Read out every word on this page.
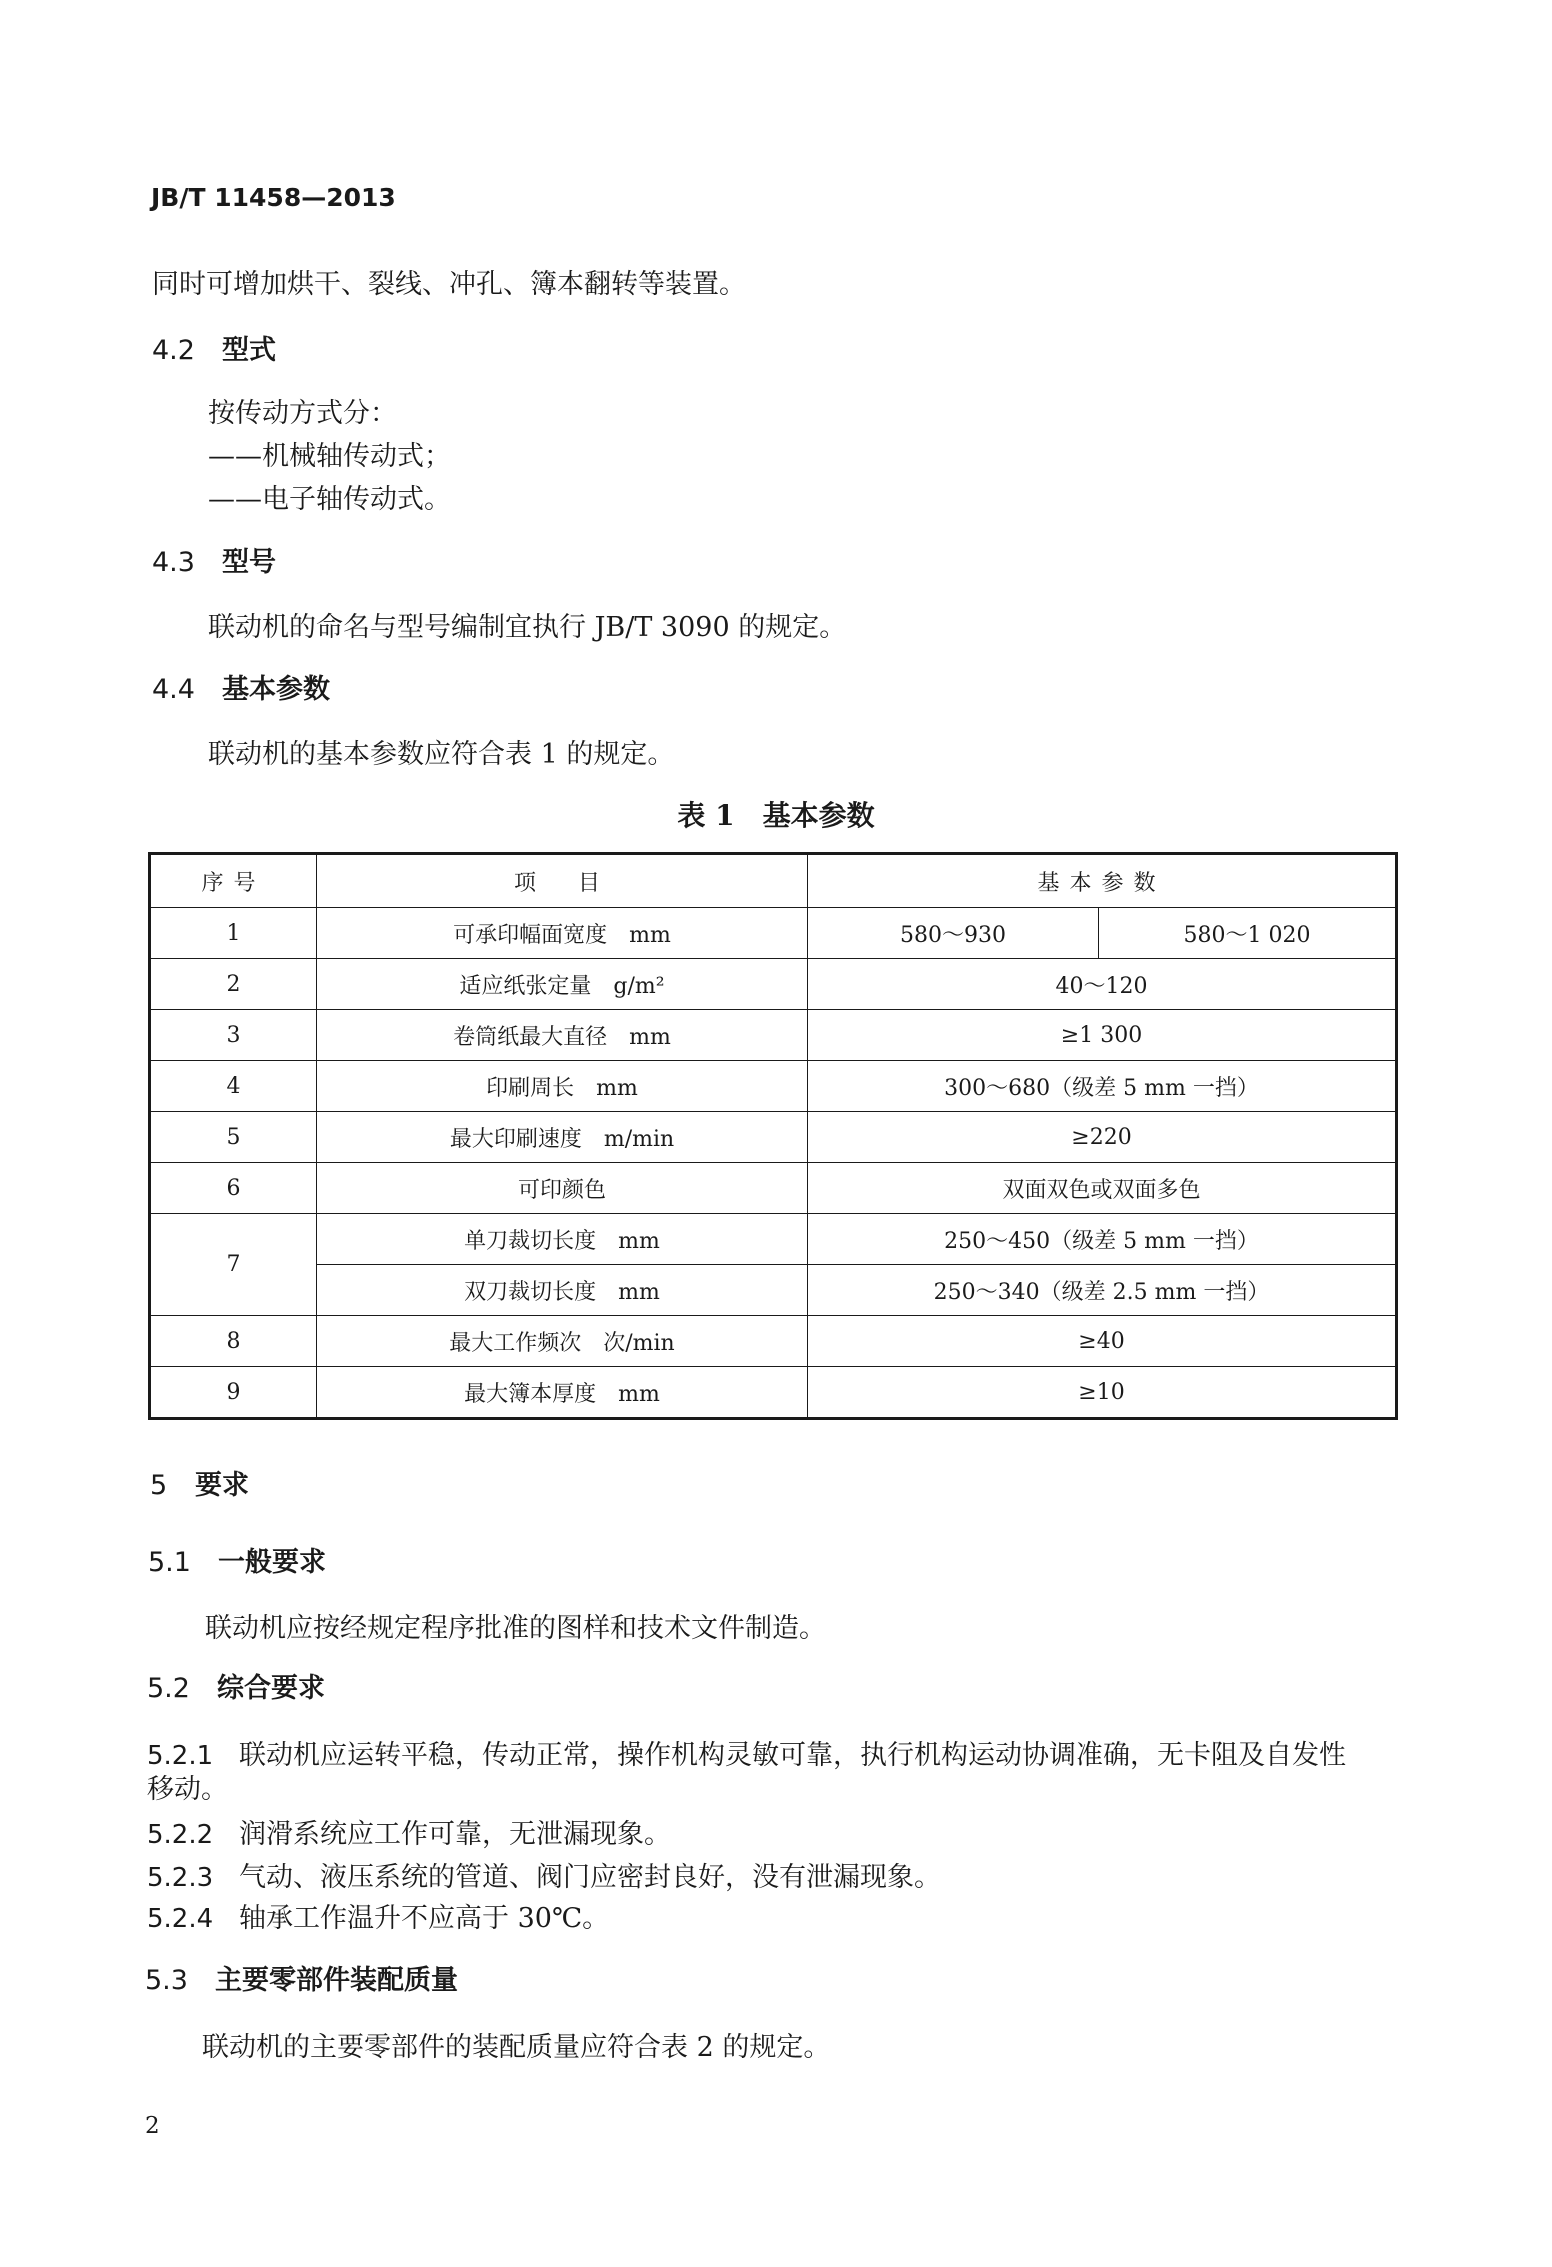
JB/T 11458—2013
同时可增加烘干、裂线、冲孔、簿本翻转等装置。
4.2 型式
按传动方式分：
——机械轴传动式；
——电子轴传动式。
4.3 型号
联动机的命名与型号编制宜执行 JB/T 3090 的规定。
4.4 基本参数
联动机的基本参数应符合表 1 的规定。
表 1　基本参数
序号	项　目	基本参数	
1	可承印幅面宽度　mm	580～930	580～1 020
2	适应纸张定量　g/m²	40～120	
3	卷筒纸最大直径　mm	≥1 300	
4	印刷周长　mm	300～680（级差 5 mm 一挡）	
5	最大印刷速度　m/min	≥220	
6	可印颜色	双面双色或双面多色	
7	单刀裁切长度　mm	250～450（级差 5 mm 一挡）	
	双刀裁切长度　mm	250～340（级差 2.5 mm 一挡）	
8	最大工作频次　次/min	≥40	
9	最大簿本厚度　mm	≥10	
5 要求
5.1 一般要求
联动机应按经规定程序批准的图样和技术文件制造。
5.2 综合要求
5.2.1 联动机应运转平稳，传动正常，操作机构灵敏可靠，执行机构运动协调准确，无卡阻及自发性
移动。
5.2.2 润滑系统应工作可靠，无泄漏现象。
5.2.3 气动、液压系统的管道、阀门应密封良好，没有泄漏现象。
5.2.4 轴承工作温升不应高于 30℃。
5.3 主要零部件装配质量
联动机的主要零部件的装配质量应符合表 2 的规定。
2
